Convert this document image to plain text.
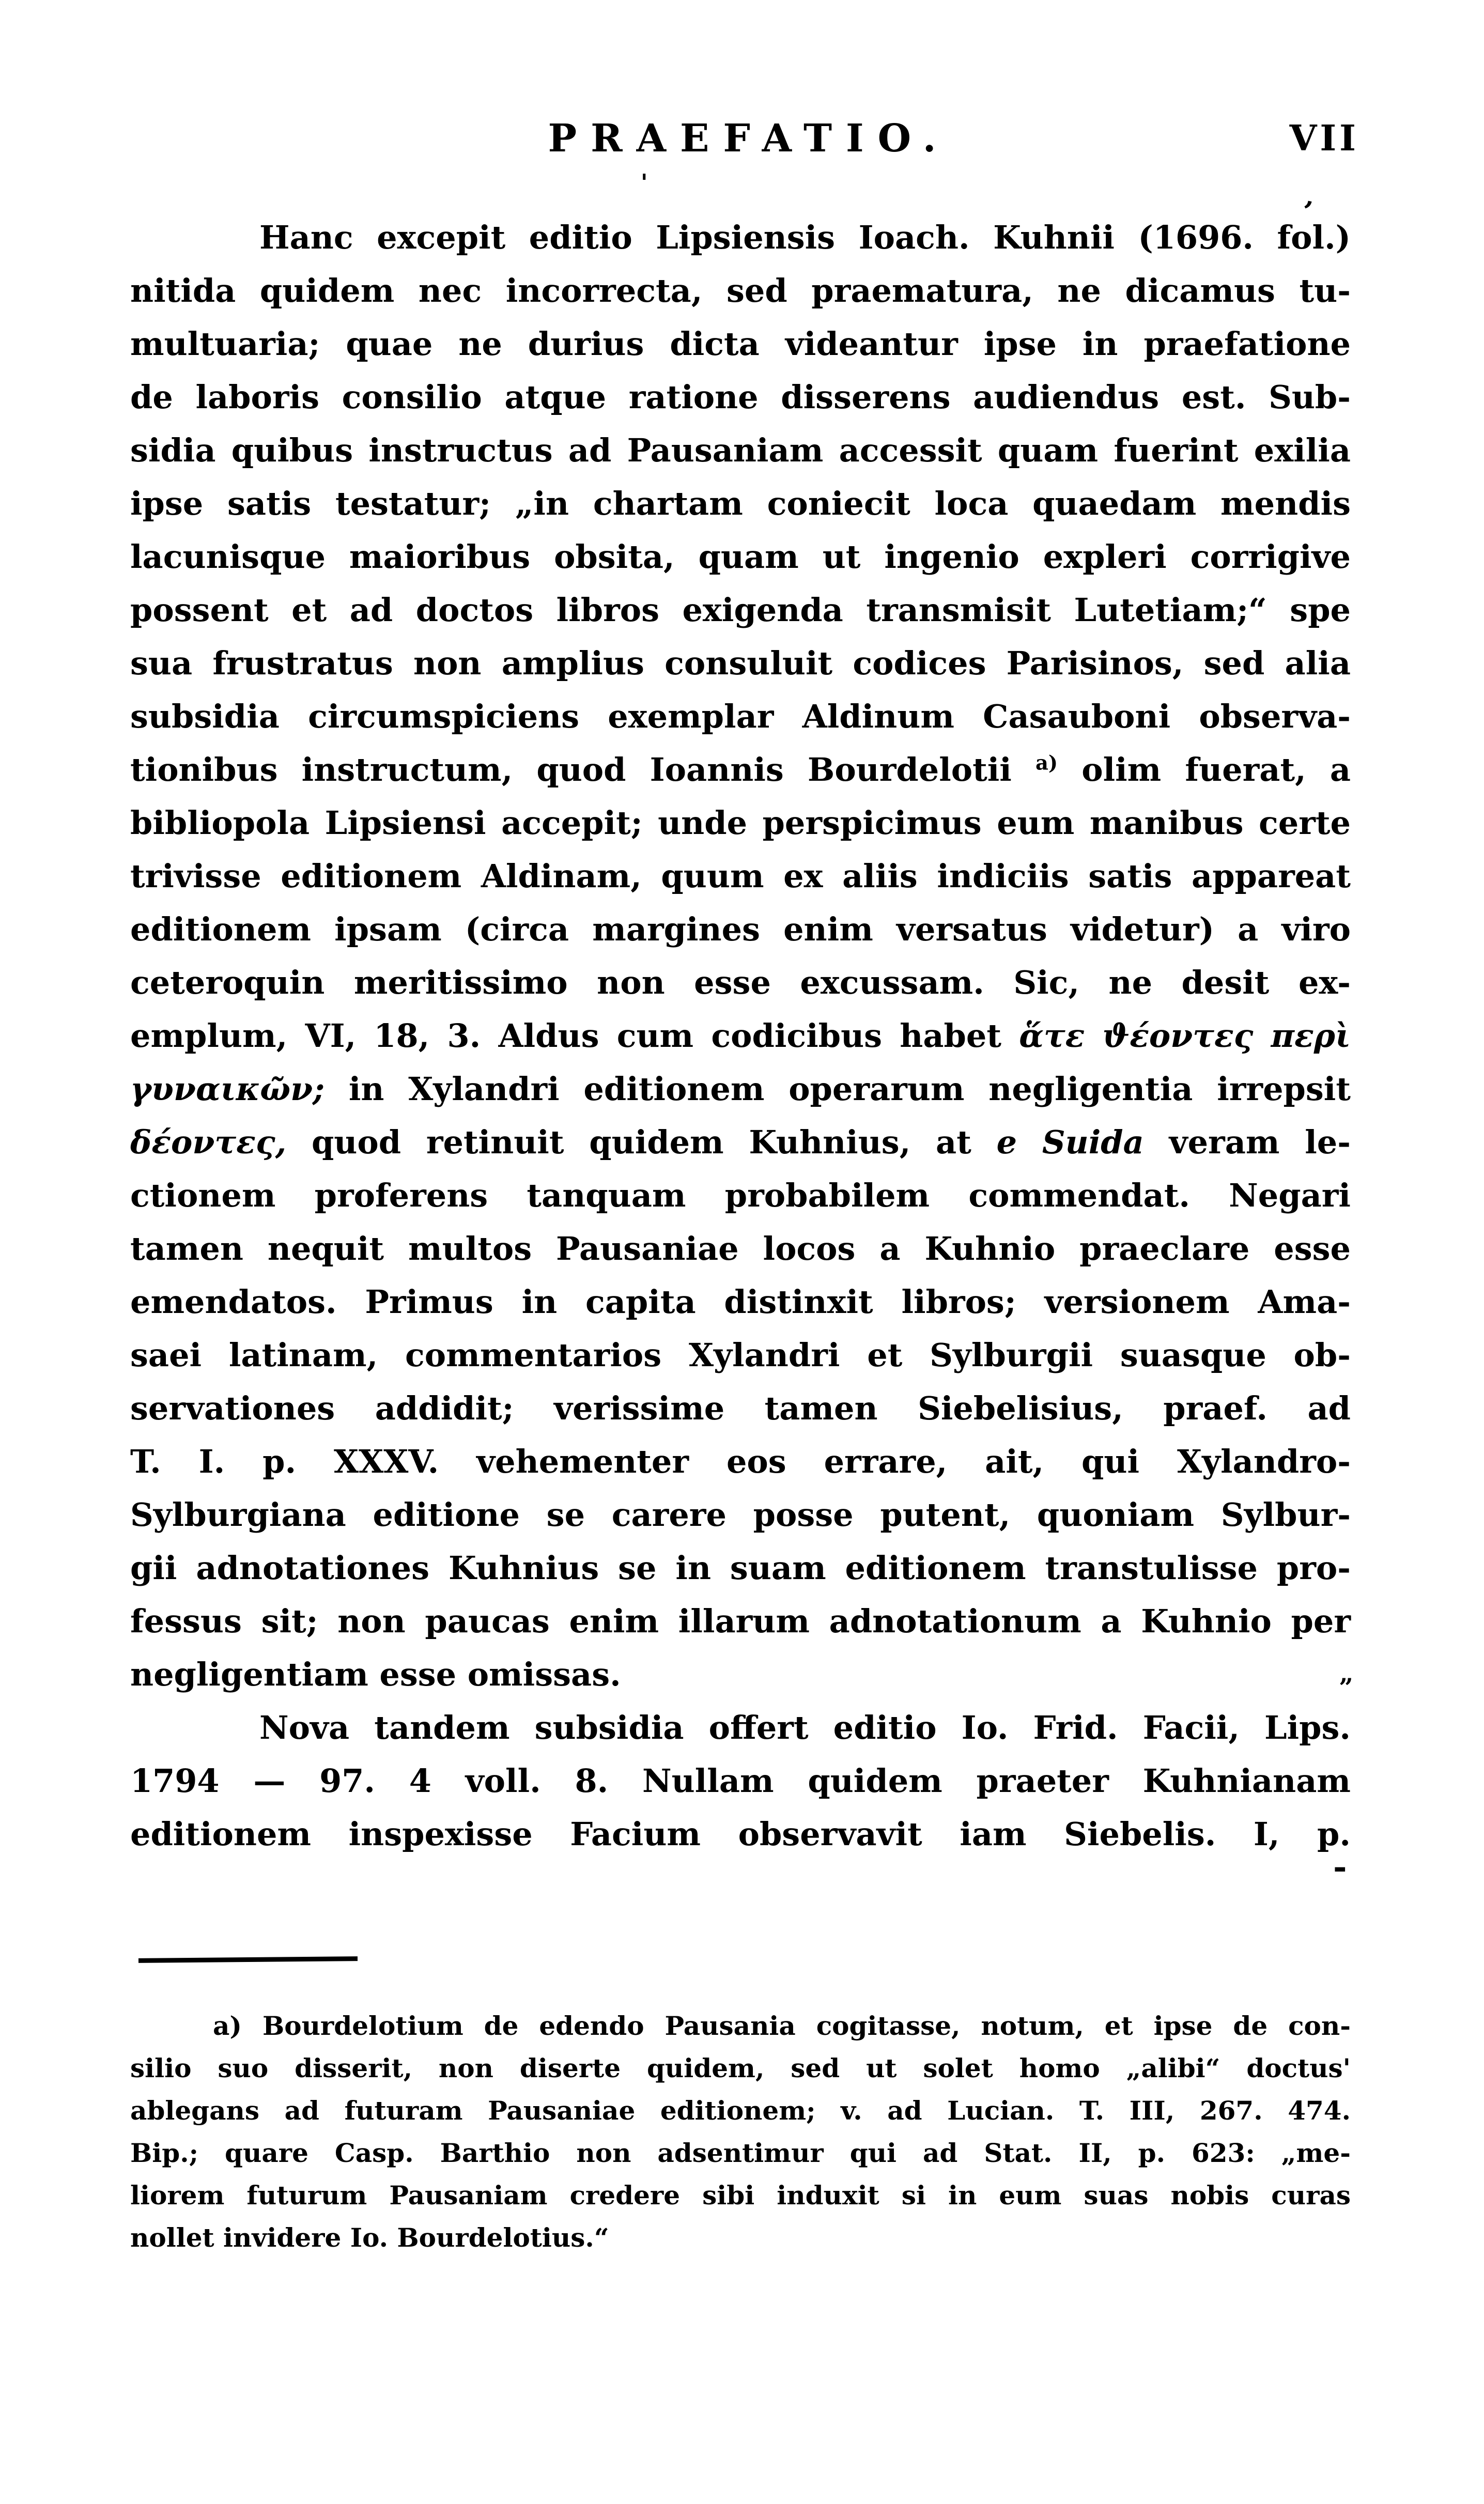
PRAEFATIO.	VII
Hanc excepit editio Lipsiensis Ioach. Kuhnii (1696. fol.)
nitida quidem nec incorrecta, sed praematura, ne dicamus tu-
multuaria; quae ne durius dicta videantur ipse in praefatione
de laboris consilio atque ratione disserens audiendus est. Sub-
sidia quibus instructus ad Pausaniam accessit quam fuerint exilia
ipse satis testatur; „in chartam coniecit loca quaedam mendis
lacunisque maioribus obsita, quam ut ingenio expleri corrigive
possent et ad doctos libros exigenda transmisit Lutetiam;“ spe
sua frustratus non amplius consuluit codices Parisinos, sed alia
subsidia circumspiciens exemplar Aldinum Casauboni observa-
tionibus instructum, quod Ioannis Bourdelotii $^{a)}$ olim fuerat, a
bibliopola Lipsiensi accepit; unde perspicimus eum manibus certe
trivisse editionem Aldinam, quum ex aliis indiciis satis appareat
editionem ipsam (circa margines enim versatus videtur) a viro
ceteroquin meritissimo non esse excussam. Sic, ne desit ex-
emplum, VI, 18, 3. Aldus cum codicibus habet ἅτε ϑέοντες περὶ
γυναικῶν; in Xylandri editionem operarum negligentia irrepsit
δέοντες, quod retinuit quidem Kuhnius, at e Suida veram le-
ctionem proferens tanquam probabilem commendat. Negari
tamen nequit multos Pausaniae locos a Kuhnio praeclare esse
emendatos. Primus in capita distinxit libros; versionem Ama-
saei latinam, commentarios Xylandri et Sylburgii suasque ob-
servationes addidit; verissime tamen Siebelisius, praef. ad
T. I. p. XXXV. vehementer eos errare, ait, qui Xylandro-
Sylburgiana editione se carere posse putent, quoniam Sylbur-
gii adnotationes Kuhnius se in suam editionem transtulisse pro-
fessus sit; non paucas enim illarum adnotationum a Kuhnio per
negligentiam esse omissas.
Nova tandem subsidia offert editio Io. Frid. Facii, Lips.
1794 — 97. 4 voll. 8. Nullam quidem praeter Kuhnianam
editionem inspexisse Facium observavit iam Siebelis. I, p.
a) Bourdelotium de edendo Pausania cogitasse, notum, et ipse de con-
silio suo disserit, non diserte quidem, sed ut solet homo „alibi“ doctus'
ablegans ad futuram Pausaniae editionem; v. ad Lucian. T. III, 267. 474.
Bip.; quare Casp. Barthio non adsentimur qui ad Stat. II, p. 623: „me-
liorem futurum Pausaniam credere sibi induxit si in eum suas nobis curas
nollet invidere Io. Bourdelotius.“
’
'
-
„
